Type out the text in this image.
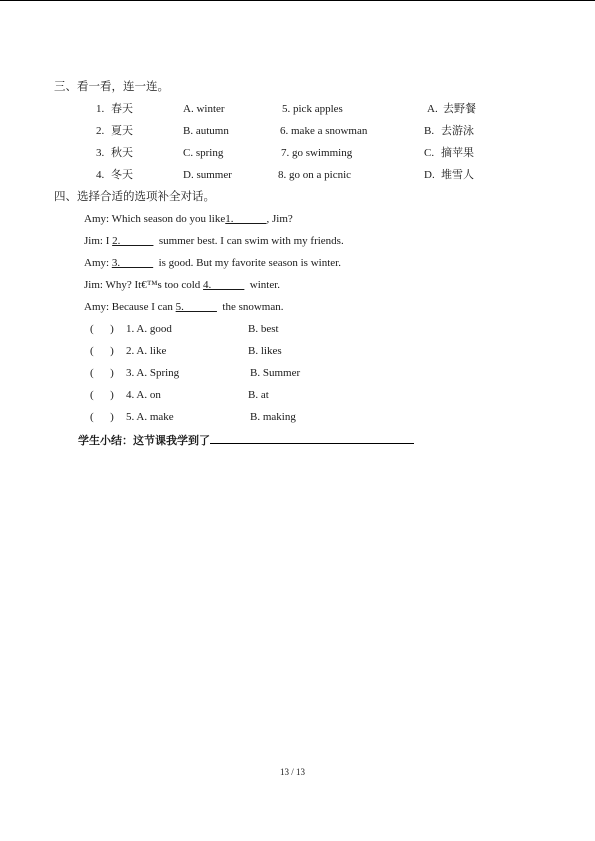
三、看一看，连一连。
1. 春天	A. winter	5. pick apples	A. 去野餐
2. 夏天	B. autumn	6. make a snowman	B. 去游泳
3. 秋天	C. spring	7. go swimming	C. 摘苹果
4. 冬天	D. summer	8. go on a picnic	D. 堆雪人
四、选择合适的选项补全对话。
Amy: Which season do you like1.______, Jim?
Jim: I 2.______  summer best. I can swim with my friends.
Amy: 3.______  is good. But my favorite season is winter.
Jim: Why? It€™s too cold 4.______  winter.
Amy: Because I can 5.______  the snowman.
(      ) 1. A. good	B. best
(      ) 2. A. like	B. likes
(      ) 3. A. Spring	B. Summer
(      ) 4. A. on	B. at
(      ) 5. A. make	B. making
学生小结：这节课我学到了
13 / 13
